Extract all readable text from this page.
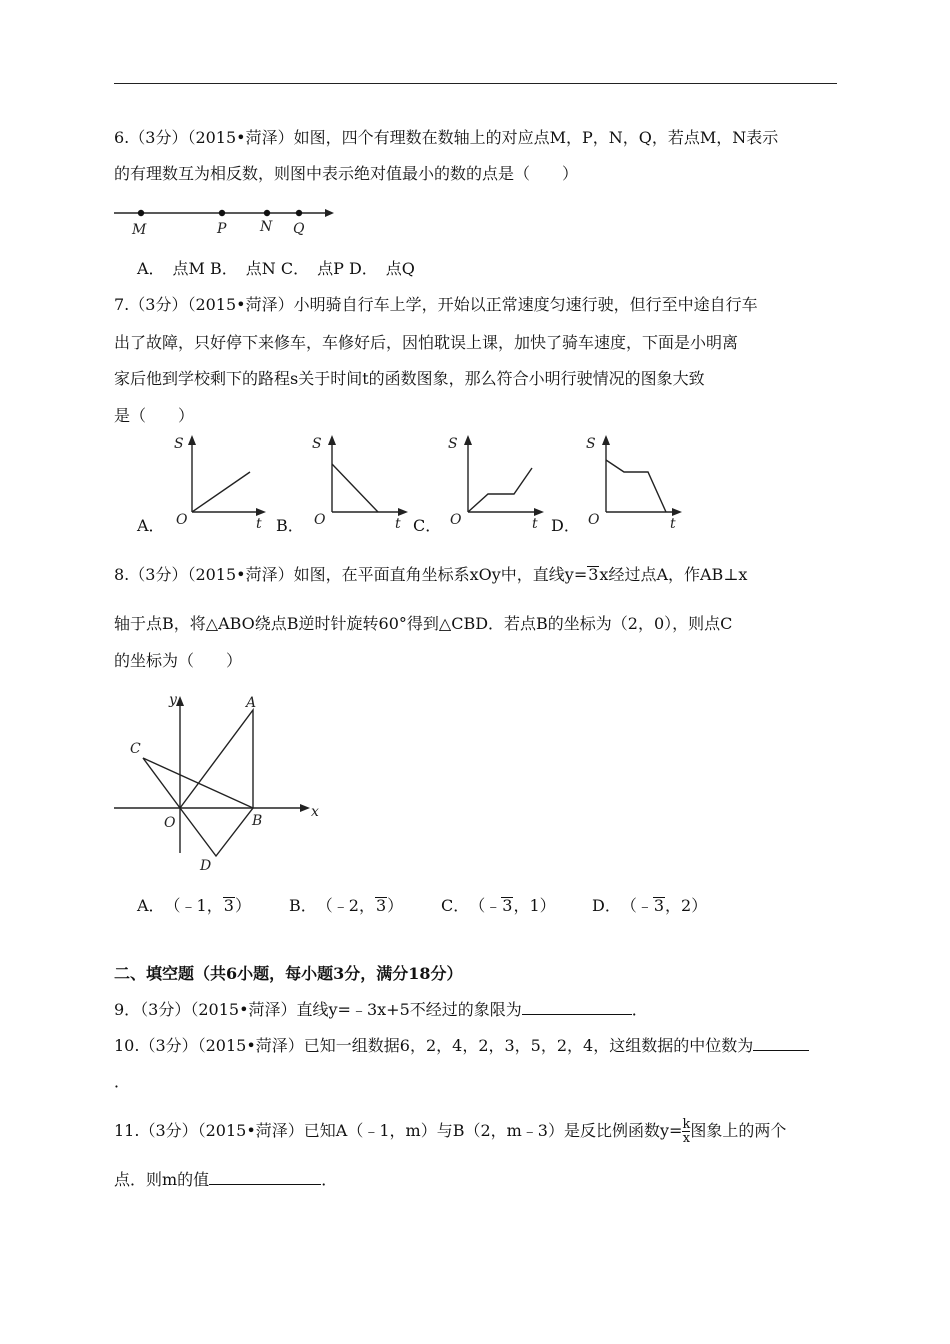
6.（3分）（2015•菏泽）如图，四个有理数在数轴上的对应点M，P，N，Q，若点M，N表示
的有理数互为相反数，则图中表示绝对值最小的数的点是（　　）
M	P N Q
A．　点M B．　点N C．　点P D．　点Q
7.（3分）（2015•菏泽）小明骑自行车上学，开始以正常速度匀速行驶，但行至中途自行车
出了故障，只好停下来修车，车修好后，因怕耽误上课，加快了骑车速度，下面是小明离
家后他到学校剩下的路程s关于时间t的函数图象，那么符合小明行驶情况的图象大致
是（　　）
A．
S
O	t B．
S
O	t C．
S
O	t D．
S
O	t
8.（3分）（2015•菏泽）如图，在平面直角坐标系xOy中，直线y=3x经过点A，作AB⊥x
轴于点B，将△ABO绕点B逆时针旋转60°得到△CBD．若点B的坐标为（2，0），则点C
的坐标为（　　）
y
x
A
B
C
D
O
A．　（﹣1，3） B．　（﹣2，3） C．　（﹣3，1） D．　（﹣3，2）
二、填空题（共6小题，每小题3分，满分18分）
9．（3分）（2015•菏泽）直线y=﹣3x+5不经过的象限为	．
10.（3分）（2015•菏泽）已知一组数据6，2，4，2，3，5，2，4，这组数据的中位数为
．
11.（3分）（2015•菏泽）已知A（﹣1，m）与B（2，m﹣3）是反比例函数$y= \frac{k}{x}$ 图象上的两个
点．则m的值	．
